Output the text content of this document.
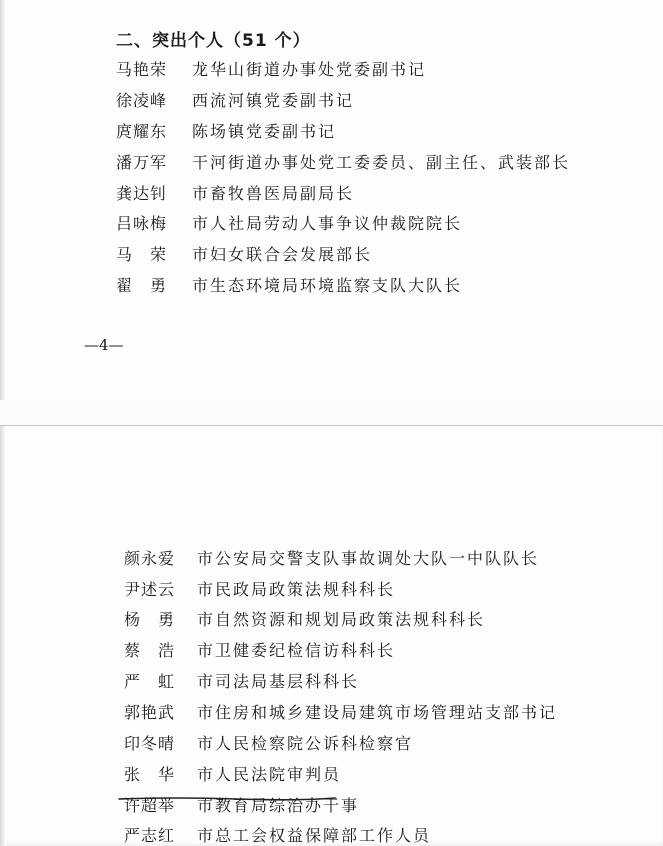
二、突出个人（51 个）
马艳荣 龙华山街道办事处党委副书记
徐凌峰 西流河镇党委副书记
庹耀东 陈场镇党委副书记
潘万军 干河街道办事处党工委委员、副主任、武装部长
龚达钊 市畜牧兽医局副局长
吕咏梅 市人社局劳动人事争议仲裁院院长
马　荣 市妇女联合会发展部长
翟　勇 市生态环境局环境监察支队大队长
—4—
颜永爱 市公安局交警支队事故调处大队一中队队长
尹述云 市民政局政策法规科科长
杨　勇 市自然资源和规划局政策法规科科长
蔡　浩 市卫健委纪检信访科科长
严　虹 市司法局基层科科长
郭艳武 市住房和城乡建设局建筑市场管理站支部书记
印冬晴 市人民检察院公诉科检察官
张　华 市人民法院审判员
许超举 市教育局综治办干事
严志红 市总工会权益保障部工作人员
